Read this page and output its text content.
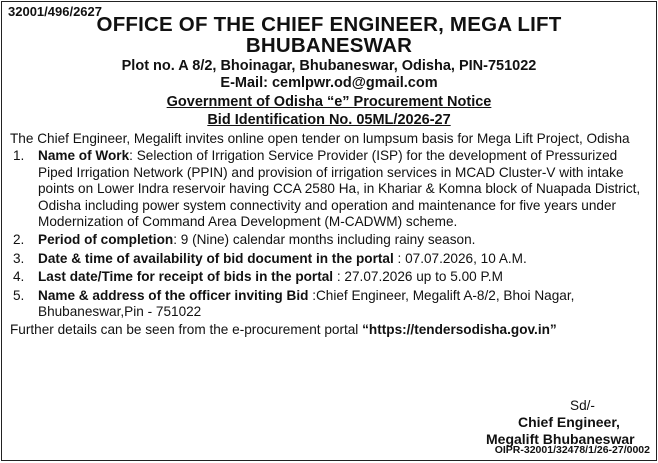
32001/496/2627
OFFICE OF THE CHIEF ENGINEER, MEGA LIFT
BHUBANESWAR
Plot no. A 8/2, Bhoinagar, Bhubaneswar, Odisha, PIN-751022
E-Mail: cemlpwr.od@gmail.com
Government of Odisha “e” Procurement Notice
Bid Identification No. 05ML/2026-27
The Chief Engineer, Megalift invites online open tender on lumpsum basis for Mega Lift Project, Odisha
1. Name of Work: Selection of Irrigation Service Provider (ISP) for the development of Pressurized Piped Irrigation Network (PPIN) and provision of irrigation services in MCAD Cluster-V with intake points on Lower Indra reservoir having CCA 2580 Ha, in Khariar & Komna block of Nuapada District, Odisha including power system connectivity and operation and maintenance for five years under Modernization of Command Area Development (M-CADWM) scheme.
2. Period of completion: 9 (Nine) calendar months including rainy season.
3. Date & time of availability of bid document in the portal : 07.07.2026, 10 A.M.
4. Last date/Time for receipt of bids in the portal : 27.07.2026 up to 5.00 P.M
5. Name & address of the officer inviting Bid :Chief Engineer, Megalift A-8/2, Bhoi Nagar, Bhubaneswar,Pin - 751022
Further details can be seen from the e-procurement portal “https://tendersodisha.gov.in”
Sd/-
Chief Engineer,
Megalift Bhubaneswar
OIPR-32001/32478/1/26-27/0002
